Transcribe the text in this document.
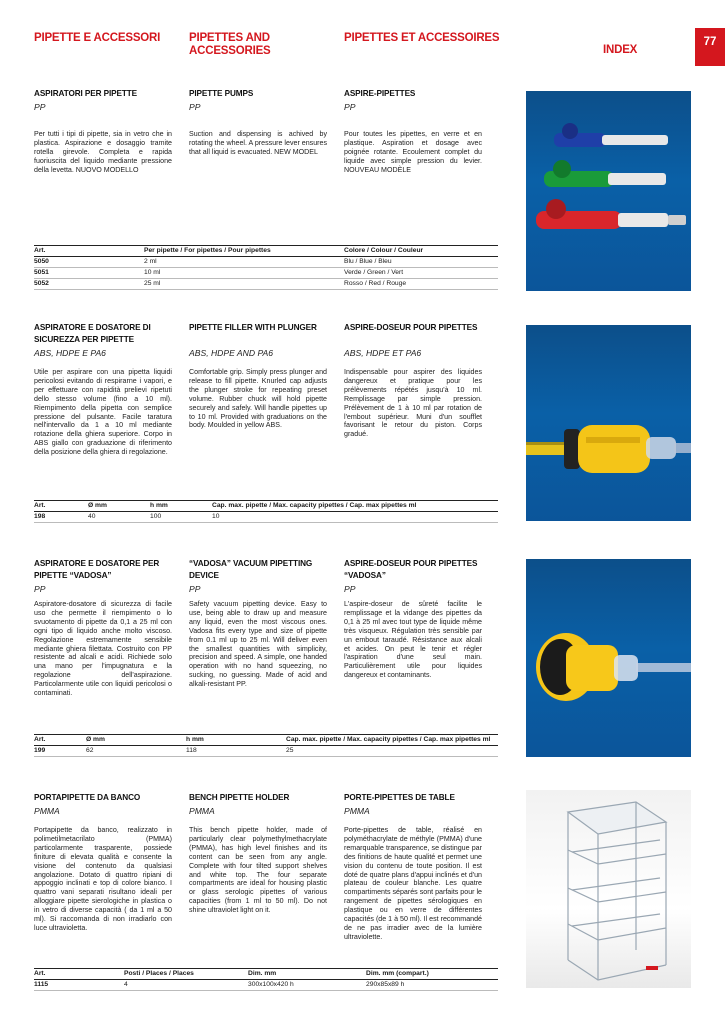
PIPETTE E ACCESSORI	PIPETTES AND
ACCESSORIES
PIPETTES ET ACCESSOIRES
INDEX
77
ASPIRATORI PER PIPETTE
PP
Per tutti i tipi di pipette, sia in vetro che in plastica. Aspirazione e dosaggio tramite rotella girevole. Completa e rapida fuoriuscita del liquido mediante pressione della levetta. NUOVO MODELLO
PIPETTE PUMPS
PP
Suction and dispensing is achived by rotating the wheel. A pressure lever ensures that all liquid is evacuated. NEW MODEL
ASPIRE-PIPETTES
PP
Pour toutes les pipettes, en verre et en plastique. Aspiration et dosage avec poignée rotante. Ecoulement complet du liquide avec simple pression du levier. NOUVEAU MODÈLE
Art.	Per pipette / For pipettes / Pour pipettes	Colore / Colour / Couleur
5050	2 ml	Blu / Blue / Bleu
5051	10 ml	Verde / Green / Vert
5052	25 ml	Rosso / Red / Rouge
ASPIRATORE E DOSATORE DI SICUREZZA PER PIPETTE
ABS, HDPE E PA6
Utile per aspirare con una pipetta liquidi pericolosi evitando di respirarne i vapori, e per effettuare con rapidità prelievi ripetuti dello stesso volume (fino a 10 ml). Riempimento della pipetta con semplice pressione del pulsante. Facile taratura nell'intervallo da 1 a 10 ml mediante rotazione della ghiera superiore. Corpo in ABS giallo con graduazione di riferimento della posizione della ghiera di regolazione.
PIPETTE FILLER WITH PLUNGER
ABS, HDPE AND PA6
Comfortable grip. Simply press plunger and release to fill pipette. Knurled cap adjusts the plunger stroke for repeating preset volume. Rubber chuck will hold pipette securely and safely. Will handle pipettes up to 10 ml. Provided with graduations on the body. Moulded in yellow ABS.
ASPIRE-DOSEUR POUR PIPETTES
ABS, HDPE ET PA6
Indispensable pour aspirer des liquides dangereux et pratique pour les prélèvements répétés jusqu'à 10 ml. Remplissage par simple pression. Prélèvement de 1 à 10 ml par rotation de l'embout supérieur. Muni d'un soufflet favorisant le retour du piston. Corps gradué.
Art.	Ø mm	h mm	Cap. max. pipette / Max. capacity pipettes / Cap. max pipettes ml
198	40	100	10
ASPIRATORE E DOSATORE PER PIPETTE “VADOSA”
PP
Aspiratore-dosatore di sicurezza di facile uso che permette il riempimento o lo svuotamento di pipette da 0,1 a 25 ml con ogni tipo di liquido anche molto viscoso. Regolazione estremamente sensibile mediante ghiera filettata. Costruito con PP resistente ad alcali e acidi. Richiede solo una mano per l'impugnatura e la regolazione dell'aspirazione. Particolarmente utile con liquidi pericolosi o contaminati.
“VADOSA” VACUUM PIPETTING DEVICE
PP
Safety vacuum pipetting device. Easy to use, being able to draw up and measure any liquid, even the most viscous ones. Vadosa fits every type and size of pipette from 0.1 ml up to 25 ml. Will deliver even the smallest quantities with simplicity, precision and speed. A simple, one handed operation with no hand squeezing, no sucking, no guessing. Made of acid and alkali-resistant PP.
ASPIRE-DOSEUR POUR PIPETTES “VADOSA”
PP
L'aspire-doseur de sûreté facilite le remplissage et la vidange des pipettes da 0,1 à 25 ml avec tout type de liquide même très visqueux. Régulation très sensible par un embout taraudé. Résistance aux alcali et acides. On peut le tenir et régler l'aspiration d'une seul main. Particulièrement utile pour liquides dangereux et contaminants.
Art.	Ø mm	h mm	Cap. max. pipette / Max. capacity pipettes / Cap. max pipettes ml
199	62	118	25
PORTAPIPETTE DA BANCO
PMMA
Portapipette da banco, realizzato in polimetilmetacrilato (PMMA) particolarmente trasparente, possiede finiture di elevata qualità e consente la visione del contenuto da qualsiasi angolazione. Dotato di quattro ripiani di appoggio inclinati e top di colore bianco. I quattro vani separati risultano ideali per alloggiare pipette sierologiche in plastica o in vetro di diverse capacità ( da 1 ml a 50 ml). Si raccomanda di non irradiarlo con luce ultravioletta.
BENCH PIPETTE HOLDER
PMMA
This bench pipette holder, made of particularly clear polymethylmethacrylate (PMMA), has high level finishes and its content can be seen from any angle. Complete with four tilted support shelves and white top. The four separate compartments are ideal for housing plastic or glass serologic pipettes of various capacities (from 1 ml to 50 ml). Do not shine ultraviolet light on it.
PORTE-PIPETTES DE TABLE
PMMA
Porte-pipettes de table, réalisé en polyméthacrylate de méthyle (PMMA) d'une remarquable transparence, se distingue par des finitions de haute qualité et permet une vision du contenu de toute position. Il est doté de quatre plans d'appui inclinés et d'un plateau de couleur blanche. Les quatre compartiments séparés sont parfaits pour le rangement de pipettes sérologiques en plastique ou en verre de différentes capacités (de 1 à 50 ml). Il est recommandé de ne pas irradier avec de la lumière ultraviolette.
Art.	Posti / Places / Places	Dim. mm	Dim. mm (compart.)
1115	4	300x100x420 h	290x85x89 h
